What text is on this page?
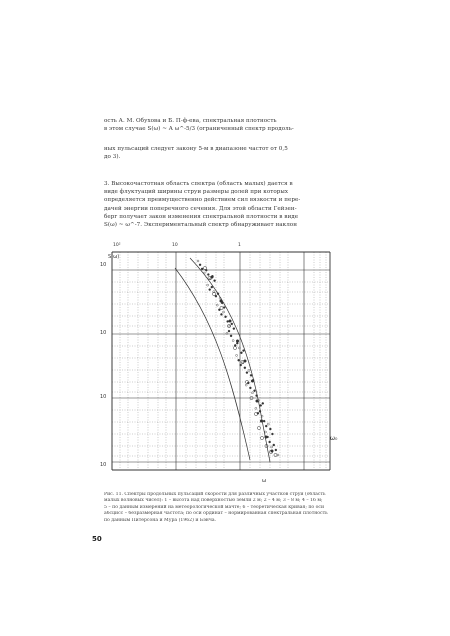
ость А. М. Обухова и Б. П-ф-ева, спектральная плотность
в этом случае S(ω) ~ A ω^-5/3 (ограниченный спектр продоль-
ных пульсаций следует закону 5-м в диапазоне частот от 0,5
до 3).
3. Высокочастотная область спектра (область малых) дается в
виде флуктуаций ширины струи размеры долей при которых
определяется преимущественно действием сил вязкости и пере-
дачей энергии поперечного сечения. Для этой области Гейзен-
берг получает закон изменения спектральной плотности в виде
S(ω) ~ ω^-7. Экспериментальный спектр обнаруживает наклон
S(ω)
10
10
10
10
10²	10	1
ω₀
ω
Рис. 11. Спектры продольных пульсаций скорости для различных участков струи (область
малых волновых чисел): 1 – высота над поверхностью земли 2 м; 2 – 4 м; 3 – 8 м; 4 – 16 м;
5 – по данным измерений на метеорологической мачте; 6 – теоретическая кривая; по оси
абсцисс – безразмерная частота; по оси ординат – нормированная спектральная плотность
по данным Питерсона и Мура (1962) и Бэнча.
50
